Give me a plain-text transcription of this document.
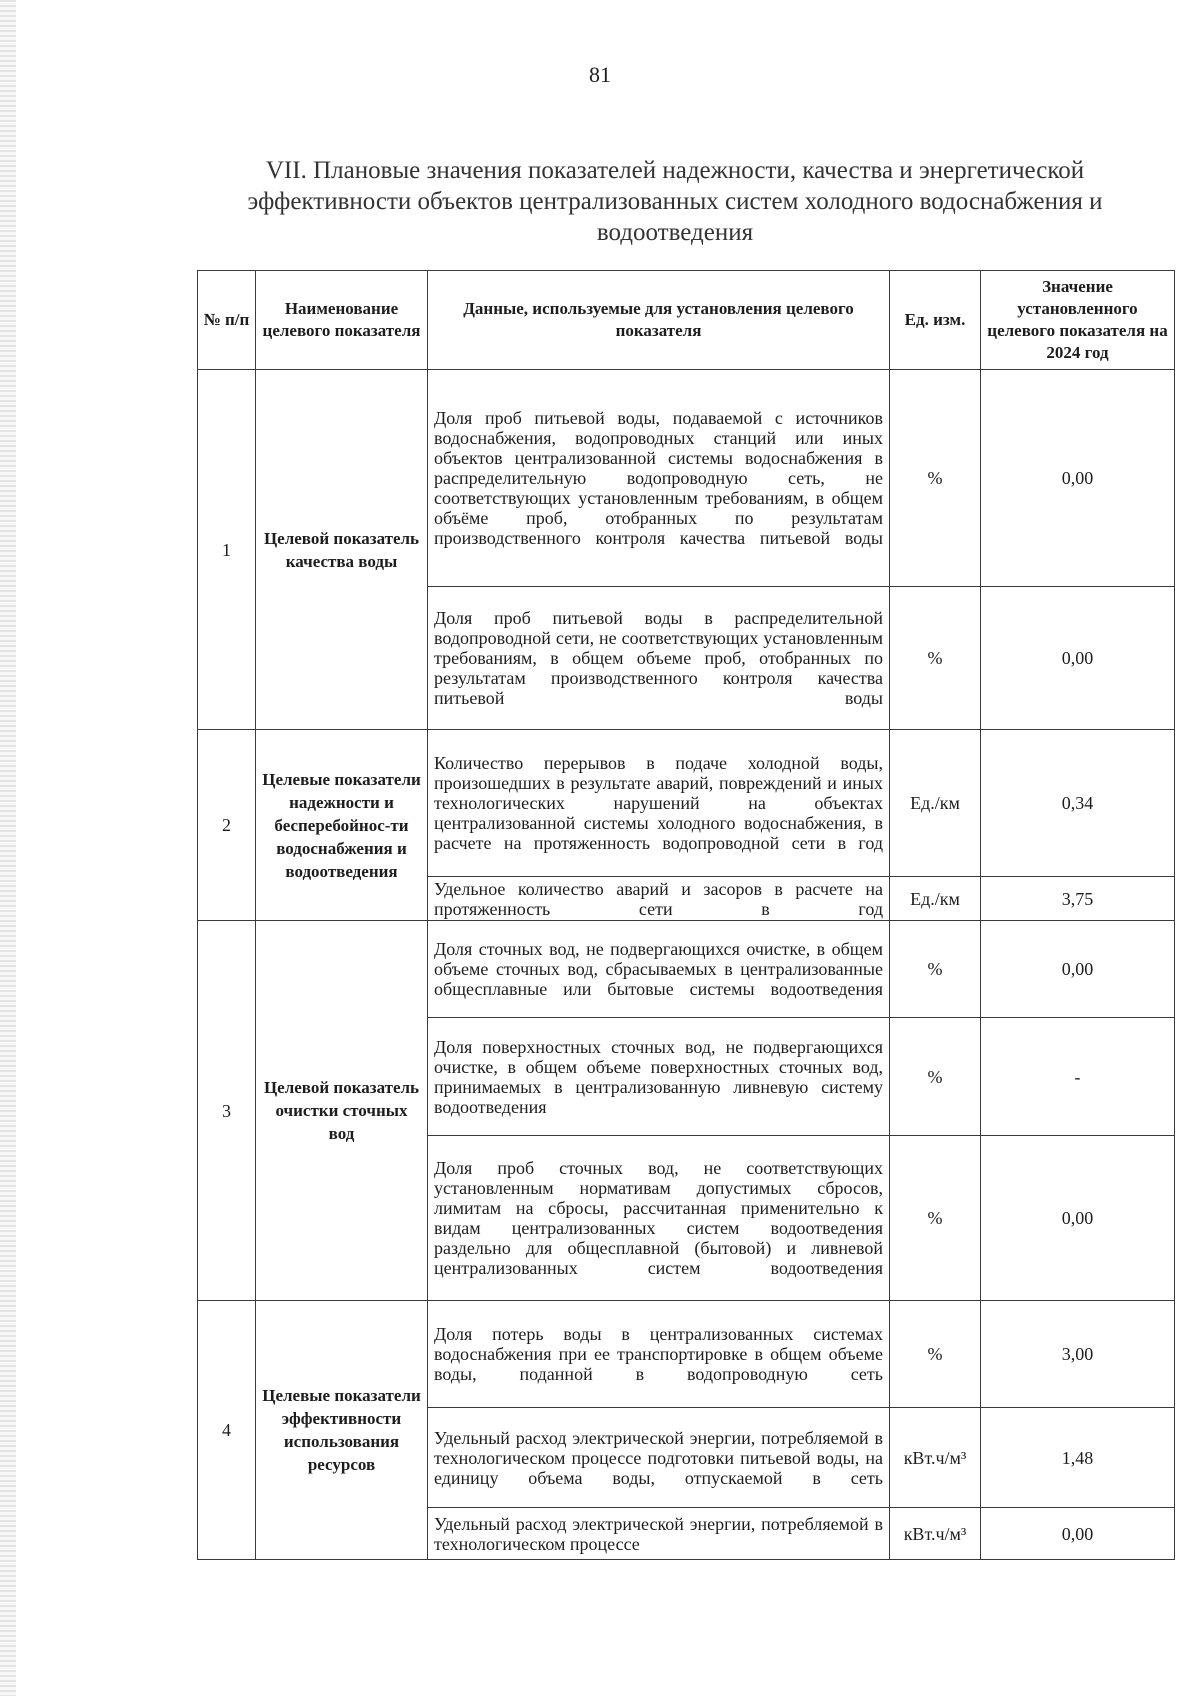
81
VII. Плановые значения показателей надежности, качества и энергетической эффективности объектов централизованных систем холодного водоснабжения и водоотведения
№ п/п	Наименование целевого показателя	Данные, используемые для установления целевого показателя	Ед. изм.	Значение установленного целевого показателя на 2024 год
1	Целевой показатель качества воды	Доля проб питьевой воды, подаваемой с источников водоснабжения, водопроводных станций или иных объектов централизованной системы водоснабжения в распределительную водопроводную сеть, не соответствующих установленным требованиям, в общем объёме проб, отобранных по результатам производственного контроля качества питьевой воды	%	0,00
		Доля проб питьевой воды в распределительной водопроводной сети, не соответствующих установленным требованиям, в общем объеме проб, отобранных по результатам производственного контроля качества питьевой воды	%	0,00
2	Целевые показатели надежности и бесперебойнос-ти водоснабжения и водоотведения	Количество перерывов в подаче холодной воды, произошедших в результате аварий, повреждений и иных технологических нарушений на объектах централизованной системы холодного водоснабжения, в расчете на протяженность водопроводной сети в год	Ед./км	0,34
		Удельное количество аварий и засоров в расчете на протяженность сети в год	Ед./км	3,75
3	Целевой показатель очистки сточных вод	Доля сточных вод, не подвергающихся очистке, в общем объеме сточных вод, сбрасываемых в централизованные общесплавные или бытовые системы водоотведения	%	0,00
		Доля поверхностных сточных вод, не подвергающихся очистке, в общем объеме поверхностных сточных вод, принимаемых в централизованную ливневую систему водоотведения	%	-
		Доля проб сточных вод, не соответствующих установленным нормативам допустимых сбросов, лимитам на сбросы, рассчитанная применительно к видам централизованных систем водоотведения раздельно для общесплавной (бытовой) и ливневой централизованных систем водоотведения	%	0,00
4	Целевые показатели эффективности использования ресурсов	Доля потерь воды в централизованных системах водоснабжения при ее транспортировке в общем объеме воды, поданной в водопроводную сеть	%	3,00
		Удельный расход электрической энергии, потребляемой в технологическом процессе подготовки питьевой воды, на единицу объема воды, отпускаемой в сеть	кВт.ч/м³	1,48
		Удельный расход электрической энергии, потребляемой в технологическом процессе	кВт.ч/м³	0,00
